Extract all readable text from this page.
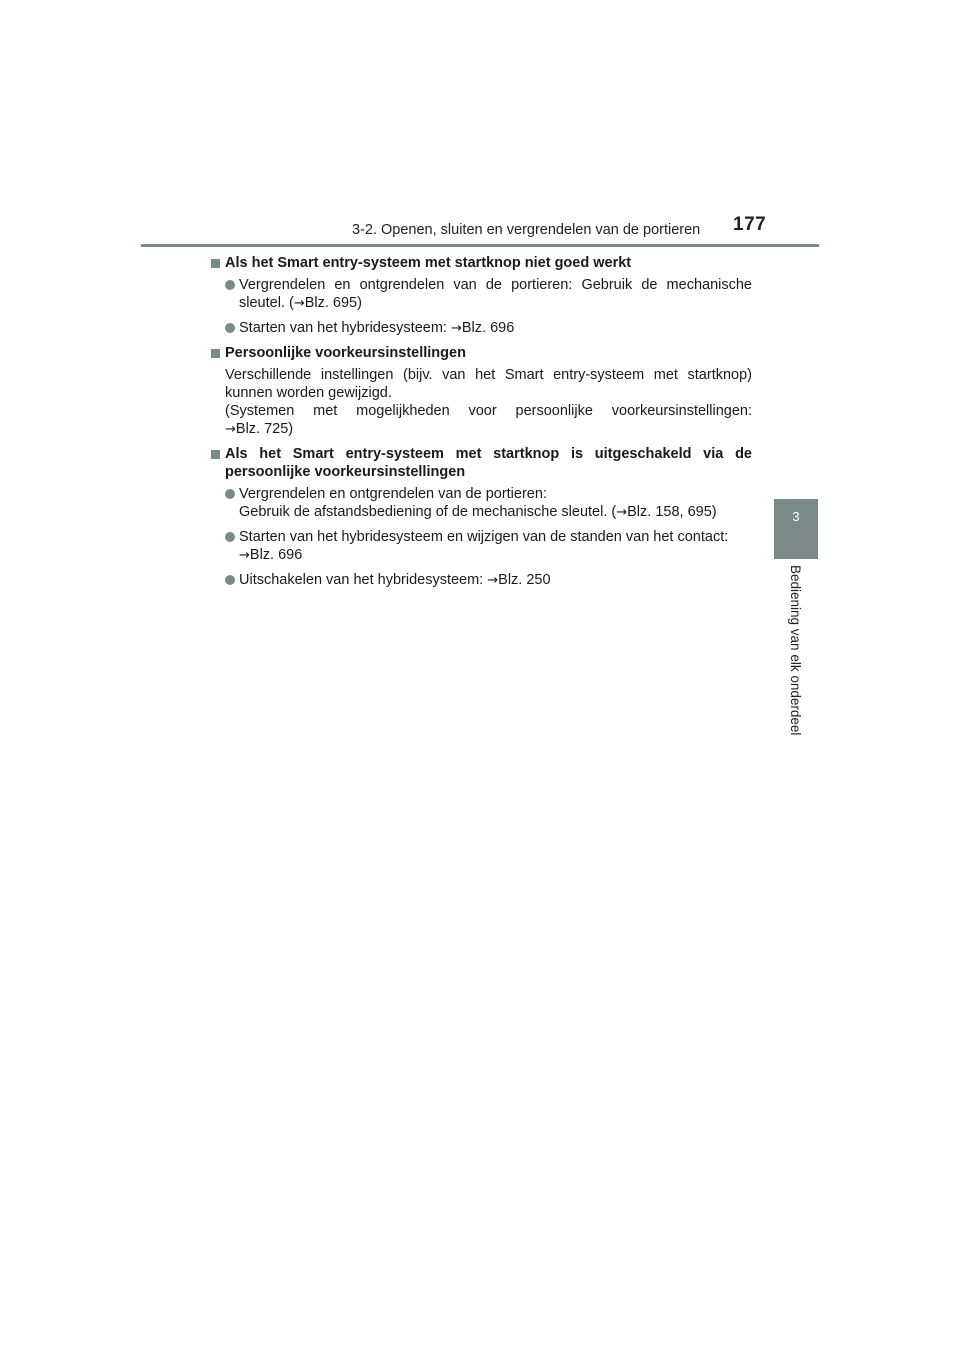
3-2. Openen, sluiten en vergrendelen van de portieren 177
3
Bediening van elk onderdeel
Als het Smart entry-systeem met startknop niet goed werkt
Vergrendelen en ontgrendelen van de portieren: Gebruik de mechanische sleutel. (→Blz. 695)
Starten van het hybridesysteem: →Blz. 696
Persoonlijke voorkeursinstellingen
Verschillende instellingen (bijv. van het Smart entry-systeem met startknop)
kunnen worden gewijzigd.
(Systemen met mogelijkheden voor persoonlijke voorkeursinstellingen:
→Blz. 725)
Als het Smart entry-systeem met startknop is uitgeschakeld via de persoonlijke voorkeursinstellingen
Vergrendelen en ontgrendelen van de portieren:
Gebruik de afstandsbediening of de mechanische sleutel. (→Blz. 158, 695)
Starten van het hybridesysteem en wijzigen van de standen van het contact:
→Blz. 696
Uitschakelen van het hybridesysteem: →Blz. 250
